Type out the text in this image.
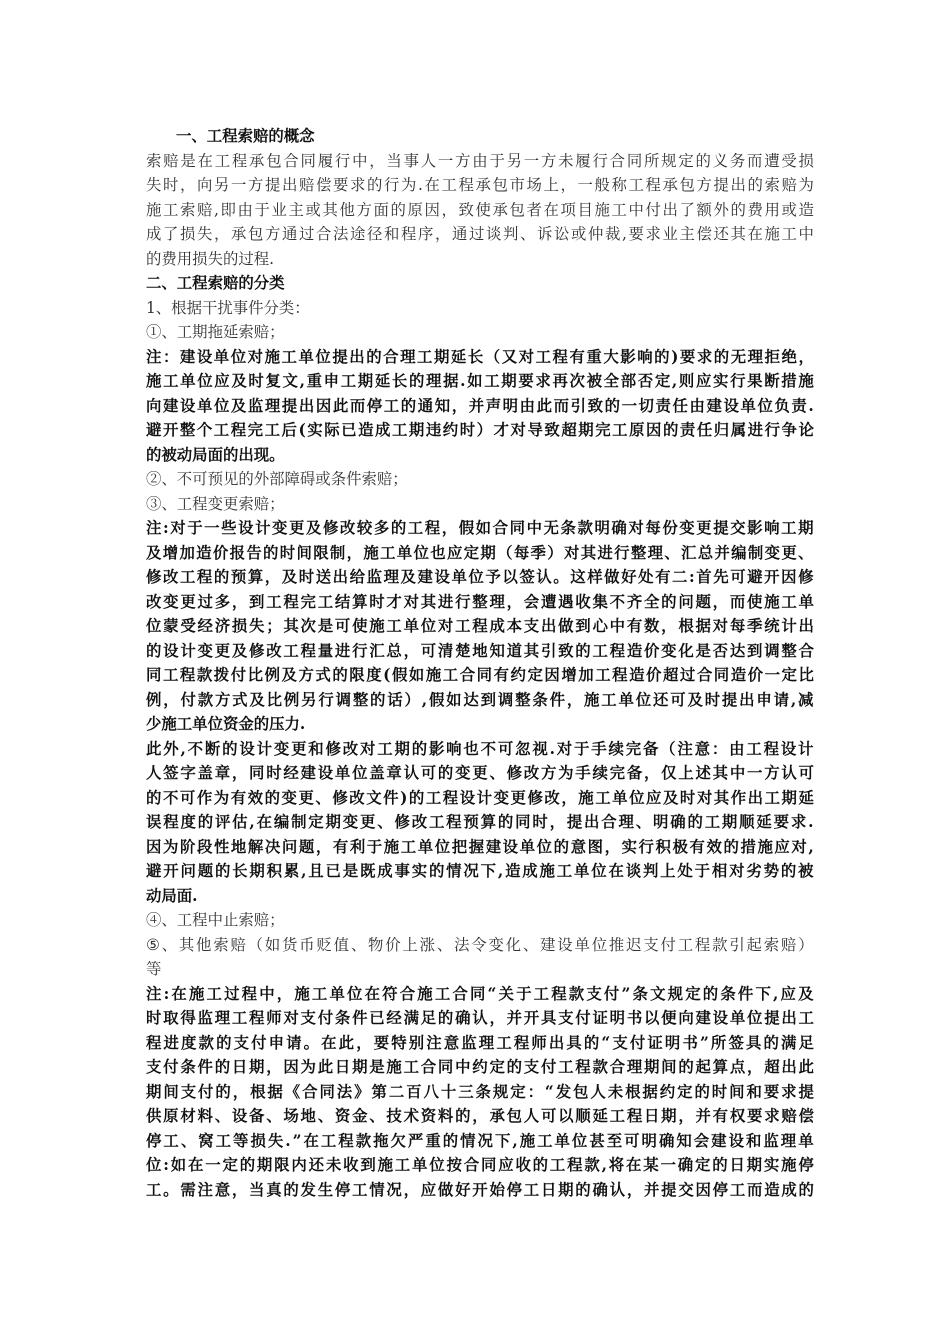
一、工程索赔的概念
索 赔 是 在 工 程 承 包 合 同 履 行 中 ， 当 事 人 一 方 由 于 另 一 方 未 履 行 合 同 所 规 定 的 义 务 而 遭 受 损
失 时 ， 向 另 一 方 提 出 赔 偿 要 求 的 行 为 . 在 工 程 承 包 市 场 上 ， 一 般 称 工 程 承 包 方 提 出 的 索 赔 为
施 工 索 赔 , 即 由 于 业 主 或 其 他 方 面 的 原 因 ， 致 使 承 包 者 在 项 目 施 工 中 付 出 了 额 外 的 费 用 或 造
成 了 损 失 ， 承 包 方 通 过 合 法 途 径 和 程 序 ， 通 过 谈 判 、 诉 讼 或 仲 裁 , 要 求 业 主 偿 还 其 在 施 工 中
的费用损失的过程.
二、工程索赔的分类
1、根据干扰事件分类：
①、工期拖延索赔；
注 ： 建 设 单 位 对 施 工 单 位 提 出 的 合 理 工 期 延 长 （ 又 对 工 程 有 重 大 影 响 的 ) 要 求 的 无 理 拒 绝 ，
施 工 单 位 应 及 时 复 文 , 重 申 工 期 延 长 的 理 据 . 如 工 期 要 求 再 次 被 全 部 否 定 , 则 应 实 行 果 断 措 施
向 建 设 单 位 及 监 理 提 出 因 此 而 停 工 的 通 知 ， 并 声 明 由 此 而 引 致 的 一 切 责 任 由 建 设 单 位 负 责 .
避 开 整 个 工 程 完 工 后 ( 实 际 已 造 成 工 期 违 约 时 ） 才 对 导 致 超 期 完 工 原 因 的 责 任 归 属 进 行 争 论
的被动局面的出现。
②、不可预见的外部障碍或条件索赔；
③、工程变更索赔；
注 : 对 于 一 些 设 计 变 更 及 修 改 较 多 的 工 程 ， 假 如 合 同 中 无 条 款 明 确 对 每 份 变 更 提 交 影 响 工 期
及 增 加 造 价 报 告 的 时 间 限 制 ， 施 工 单 位 也 应 定 期 （ 每 季 ） 对 其 进 行 整 理 、 汇 总 并 编 制 变 更 、
修 改 工 程 的 预 算 ， 及 时 送 出 给 监 理 及 建 设 单 位 予 以 签 认 。 这 样 做 好 处 有 二 : 首 先 可 避 开 因 修
改 变 更 过 多 ， 到 工 程 完 工 结 算 时 才 对 其 进 行 整 理 ， 会 遭 遇 收 集 不 齐 全 的 问 题 ， 而 使 施 工 单
位 蒙 受 经 济 损 失 ； 其 次 是 可 使 施 工 单 位 对 工 程 成 本 支 出 做 到 心 中 有 数 ， 根 据 对 每 季 统 计 出
的 设 计 变 更 及 修 改 工 程 量 进 行 汇 总 ， 可 清 楚 地 知 道 其 引 致 的 工 程 造 价 变 化 是 否 达 到 调 整 合
同 工 程 款 拨 付 比 例 及 方 式 的 限 度 ( 假 如 施 工 合 同 有 约 定 因 增 加 工 程 造 价 超 过 合 同 造 价 一 定 比
例 ， 付 款 方 式 及 比 例 另 行 调 整 的 话 ） , 假 如 达 到 调 整 条 件 ， 施 工 单 位 还 可 及 时 提 出 申 请 , 减
少施工单位资金的压力.
此 外 , 不 断 的 设 计 变 更 和 修 改 对 工 期 的 影 响 也 不 可 忽 视 . 对 于 手 续 完 备 （ 注 意 ： 由 工 程 设 计
人 签 字 盖 章 ， 同 时 经 建 设 单 位 盖 章 认 可 的 变 更 、 修 改 方 为 手 续 完 备 ， 仅 上 述 其 中 一 方 认 可
的 不 可 作 为 有 效 的 变 更 、 修 改 文 件 ) 的 工 程 设 计 变 更 修 改 ， 施 工 单 位 应 及 时 对 其 作 出 工 期 延
误 程 度 的 评 估 , 在 编 制 定 期 变 更 、 修 改 工 程 预 算 的 同 时 ， 提 出 合 理 、 明 确 的 工 期 顺 延 要 求 .
因 为 阶 段 性 地 解 决 问 题 ， 有 利 于 施 工 单 位 把 握 建 设 单 位 的 意 图 ， 实 行 积 极 有 效 的 措 施 应 对 ,
避 开 问 题 的 长 期 积 累 , 且 已 是 既 成 事 实 的 情 况 下 , 造 成 施 工 单 位 在 谈 判 上 处 于 相 对 劣 势 的 被
动局面.
④、工程中止索赔；
⑤ 、 其 他 索 赔 （ 如 货 币 贬 值 、 物 价 上 涨 、 法 令 变 化 、 建 设 单 位 推 迟 支 付 工 程 款 引 起 索 赔 ）
等
注 : 在 施 工 过 程 中 ， 施 工 单 位 在 符 合 施 工 合 同 “ 关 于 工 程 款 支 付 ” 条 文 规 定 的 条 件 下 , 应 及
时 取 得 监 理 工 程 师 对 支 付 条 件 已 经 满 足 的 确 认 ， 并 开 具 支 付 证 明 书 以 便 向 建 设 单 位 提 出 工
程 进 度 款 的 支 付 申 请 。 在 此 ， 要 特 别 注 意 监 理 工 程 师 出 具 的 “ 支 付 证 明 书 ” 所 签 具 的 满 足
支 付 条 件 的 日 期 ， 因 为 此 日 期 是 施 工 合 同 中 约 定 的 支 付 工 程 款 合 理 期 间 的 起 算 点 ， 超 出 此
期 间 支 付 的 ， 根 据 《 合 同 法 》 第 二 百 八 十 三 条 规 定 ： “ 发 包 人 未 根 据 约 定 的 时 间 和 要 求 提
供 原 材 料 、 设 备 、 场 地 、 资 金 、 技 术 资 料 的 ， 承 包 人 可 以 顺 延 工 程 日 期 ， 并 有 权 要 求 赔 偿
停 工 、 窝 工 等 损 失 . ” 在 工 程 款 拖 欠 严 重 的 情 况 下 , 施 工 单 位 甚 至 可 明 确 知 会 建 设 和 监 理 单
位 : 如 在 一 定 的 期 限 内 还 未 收 到 施 工 单 位 按 合 同 应 收 的 工 程 款 , 将 在 某 一 确 定 的 日 期 实 施 停
工 。 需 注 意 ， 当 真 的 发 生 停 工 情 况 ， 应 做 好 开 始 停 工 日 期 的 确 认 ， 并 提 交 因 停 工 而 造 成 的
